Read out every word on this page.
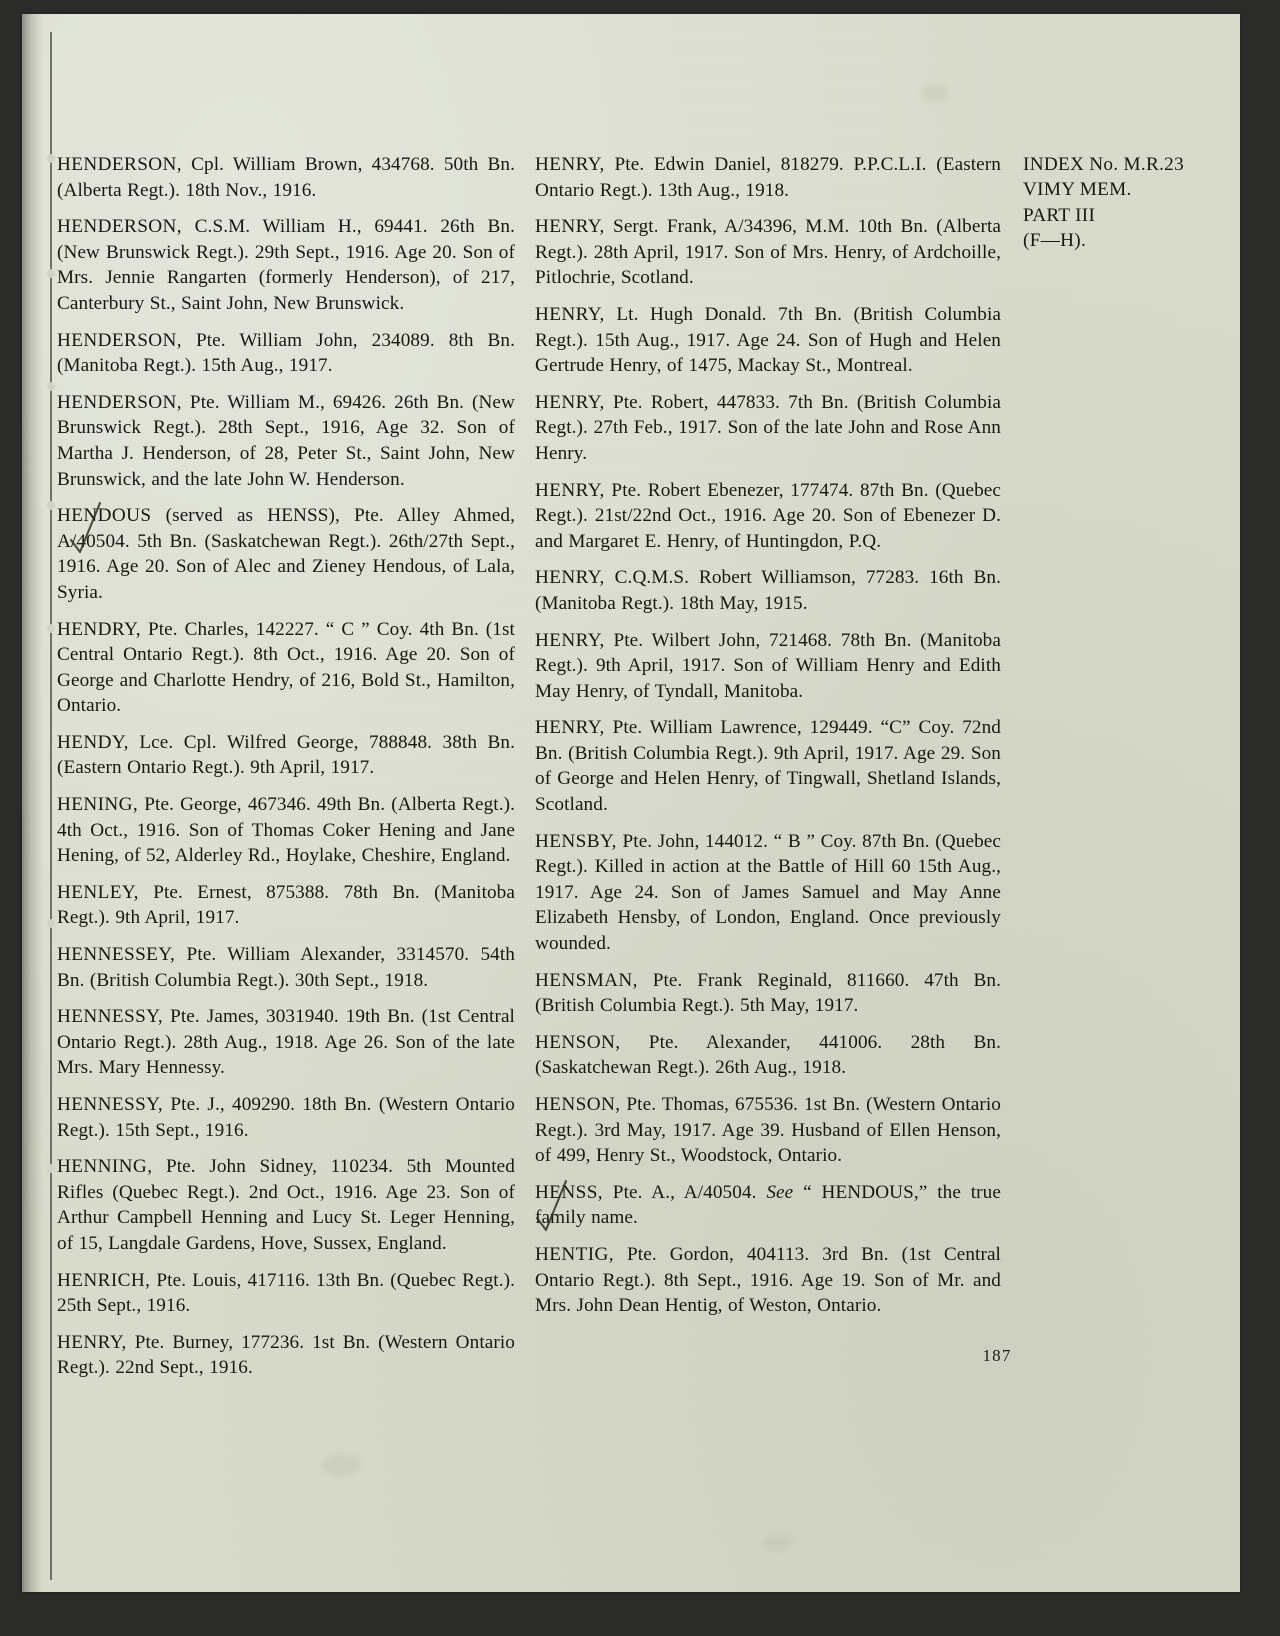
HENDERSON, Cpl. William Brown, 434768. 50th Bn. (Alberta Regt.). 18th Nov., 1916.

HENDERSON, C.S.M. William H., 69441. 26th Bn. (New Brunswick Regt.). 29th Sept., 1916. Age 20. Son of Mrs. Jennie Rangarten (formerly Henderson), of 217, Canterbury St., Saint John, New Brunswick.

HENDERSON, Pte. William John, 234089. 8th Bn. (Manitoba Regt.). 15th Aug., 1917.

HENDERSON, Pte. William M., 69426. 26th Bn. (New Brunswick Regt.). 28th Sept., 1916, Age 32. Son of Martha J. Henderson, of 28, Peter St., Saint John, New Brunswick, and the late John W. Henderson.

HENDOUS (served as HENSS), Pte. Alley Ahmed, A/40504. 5th Bn. (Saskatchewan Regt.). 26th/27th Sept., 1916. Age 20. Son of Alec and Zieney Hendous, of Lala, Syria.

HENDRY, Pte. Charles, 142227. “ C ” Coy. 4th Bn. (1st Central Ontario Regt.). 8th Oct., 1916. Age 20. Son of George and Charlotte Hendry, of 216, Bold St., Hamilton, Ontario.

HENDY, Lce. Cpl. Wilfred George, 788848. 38th Bn. (Eastern Ontario Regt.). 9th April, 1917.

HENING, Pte. George, 467346. 49th Bn. (Alberta Regt.). 4th Oct., 1916. Son of Thomas Coker Hening and Jane Hening, of 52, Alderley Rd., Hoylake, Cheshire, England.

HENLEY, Pte. Ernest, 875388. 78th Bn. (Manitoba Regt.). 9th April, 1917.

HENNESSEY, Pte. William Alexander, 3314570. 54th Bn. (British Columbia Regt.). 30th Sept., 1918.

HENNESSY, Pte. James, 3031940. 19th Bn. (1st Central Ontario Regt.). 28th Aug., 1918. Age 26. Son of the late Mrs. Mary Hennessy.

HENNESSY, Pte. J., 409290. 18th Bn. (Western Ontario Regt.). 15th Sept., 1916.

HENNING, Pte. John Sidney, 110234. 5th Mounted Rifles (Quebec Regt.). 2nd Oct., 1916. Age 23. Son of Arthur Campbell Henning and Lucy St. Leger Henning, of 15, Langdale Gardens, Hove, Sussex, England.

HENRICH, Pte. Louis, 417116. 13th Bn. (Quebec Regt.). 25th Sept., 1916.

HENRY, Pte. Burney, 177236. 1st Bn. (Western Ontario Regt.). 22nd Sept., 1916.

HENRY, Pte. Edwin Daniel, 818279. P.P.C.L.I. (Eastern Ontario Regt.). 13th Aug., 1918.

HENRY, Sergt. Frank, A/34396, M.M. 10th Bn. (Alberta Regt.). 28th April, 1917. Son of Mrs. Henry, of Ardchoille, Pitlochrie, Scotland.

HENRY, Lt. Hugh Donald. 7th Bn. (British Columbia Regt.). 15th Aug., 1917. Age 24. Son of Hugh and Helen Gertrude Henry, of 1475, Mackay St., Montreal.

HENRY, Pte. Robert, 447833. 7th Bn. (British Columbia Regt.). 27th Feb., 1917. Son of the late John and Rose Ann Henry.

HENRY, Pte. Robert Ebenezer, 177474. 87th Bn. (Quebec Regt.). 21st/22nd Oct., 1916. Age 20. Son of Ebenezer D. and Margaret E. Henry, of Huntingdon, P.Q.

HENRY, C.Q.M.S. Robert Williamson, 77283. 16th Bn. (Manitoba Regt.). 18th May, 1915.

HENRY, Pte. Wilbert John, 721468. 78th Bn. (Manitoba Regt.). 9th April, 1917. Son of William Henry and Edith May Henry, of Tyndall, Manitoba.

HENRY, Pte. William Lawrence, 129449. “C” Coy. 72nd Bn. (British Columbia Regt.). 9th April, 1917. Age 29. Son of George and Helen Henry, of Tingwall, Shetland Islands, Scotland.

HENSBY, Pte. John, 144012. “ B ” Coy. 87th Bn. (Quebec Regt.). Killed in action at the Battle of Hill 60 15th Aug., 1917. Age 24. Son of James Samuel and May Anne Elizabeth Hensby, of London, England. Once previously wounded.

HENSMAN, Pte. Frank Reginald, 811660. 47th Bn. (British Columbia Regt.). 5th May, 1917.

HENSON, Pte. Alexander, 441006. 28th Bn. (Saskatchewan Regt.). 26th Aug., 1918.

HENSON, Pte. Thomas, 675536. 1st Bn. (Western Ontario Regt.). 3rd May, 1917. Age 39. Husband of Ellen Henson, of 499, Henry St., Woodstock, Ontario.

HENSS, Pte. A., A/40504. See “ HENDOUS,” the true family name.

HENTIG, Pte. Gordon, 404113. 3rd Bn. (1st Central Ontario Regt.). 8th Sept., 1916. Age 19. Son of Mr. and Mrs. John Dean Hentig, of Weston, Ontario.

INDEX No. M.R.23
VIMY MEM.
PART III
(F—H).
187
